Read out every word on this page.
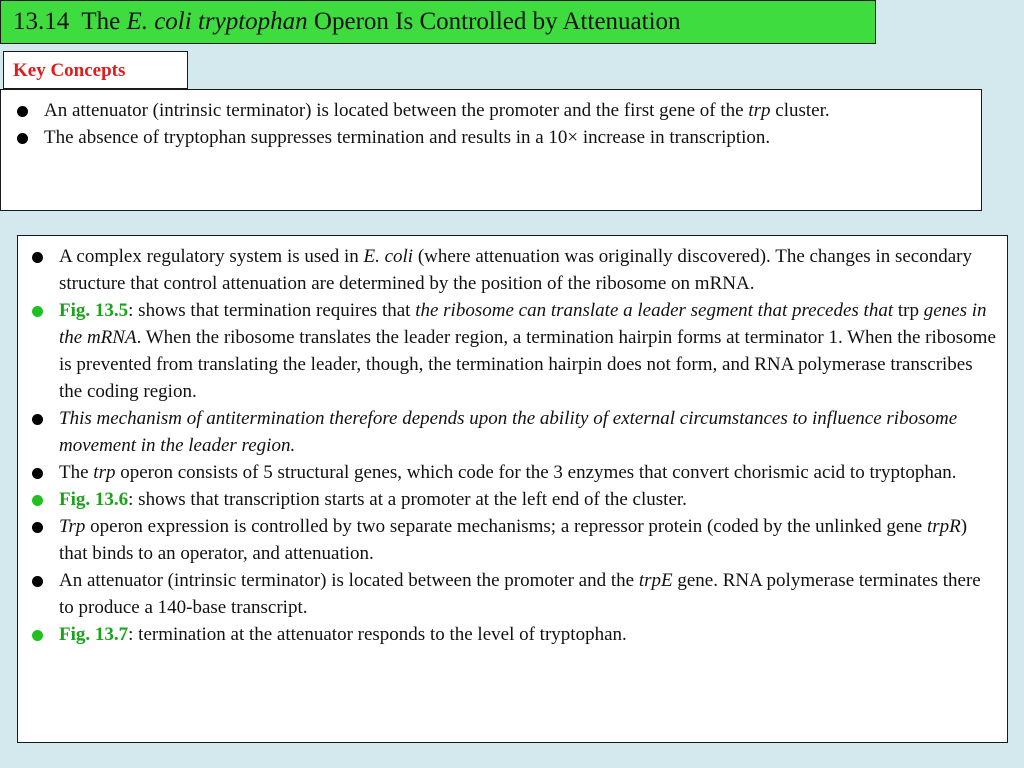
13.14 The E. coli tryptophan Operon Is Controlled by Attenuation
Key Concepts
An attenuator (intrinsic terminator) is located between the promoter and the first gene of the trp cluster.
The absence of tryptophan suppresses termination and results in a 10× increase in transcription.
A complex regulatory system is used in E. coli (where attenuation was originally discovered). The changes in secondary structure that control attenuation are determined by the position of the ribosome on mRNA.
Fig. 13.5: shows that termination requires that the ribosome can translate a leader segment that precedes that trp genes in the mRNA. When the ribosome translates the leader region, a termination hairpin forms at terminator 1. When the ribosome is prevented from translating the leader, though, the termination hairpin does not form, and RNA polymerase transcribes the coding region.
This mechanism of antitermination therefore depends upon the ability of external circumstances to influence ribosome movement in the leader region.
The trp operon consists of 5 structural genes, which code for the 3 enzymes that convert chorismic acid to tryptophan.
Fig. 13.6: shows that transcription starts at a promoter at the left end of the cluster.
Trp operon expression is controlled by two separate mechanisms; a repressor protein (coded by the unlinked gene trpR) that binds to an operator, and attenuation.
An attenuator (intrinsic terminator) is located between the promoter and the trpE gene. RNA polymerase terminates there to produce a 140-base transcript.
Fig. 13.7: termination at the attenuator responds to the level of tryptophan.
